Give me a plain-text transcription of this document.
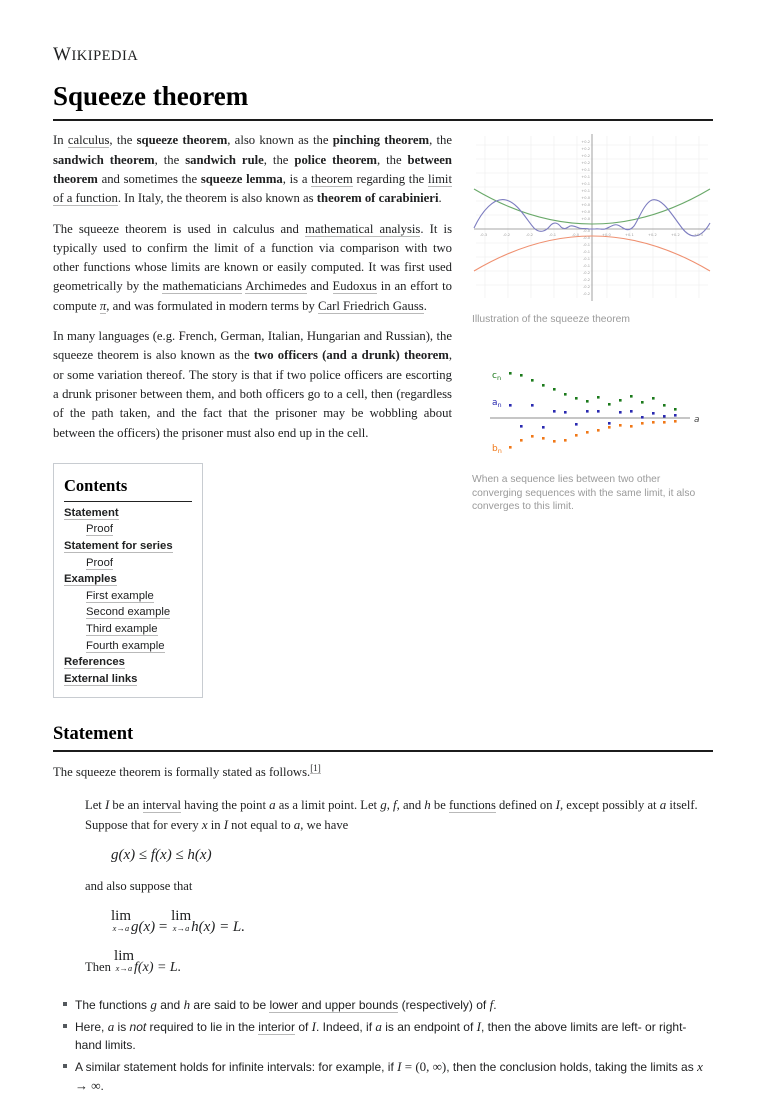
WIKIPEDIA
Squeeze theorem

In calculus, the squeeze theorem, also known as the pinching theorem, the sandwich theorem, the sandwich rule, the police theorem, the between theorem and sometimes the squeeze lemma, is a theorem regarding the limit of a function. In Italy, the theorem is also known as theorem of carabinieri.

The squeeze theorem is used in calculus and mathematical analysis. It is typically used to confirm the limit of a function via comparison with two other functions whose limits are known or easily computed. It was first used geometrically by the mathematicians Archimedes and Eudoxus in an effort to compute π, and was formulated in modern terms by Carl Friedrich Gauss.

In many languages (e.g. French, German, Italian, Hungarian and Russian), the squeeze theorem is also known as the two officers (and a drunk) theorem, or some variation thereof. The story is that if two police officers are escorting a drunk prisoner between them, and both officers go to a cell, then (regardless of the path taken, and the fact that the prisoner may be wobbling about between the officers) the prisoner must also end up in the cell.

Contents
Statement
Proof
Statement for series
Proof
Examples
First example
Second example
Third example
Fourth example
References
External links
-0.3	-0.2	-0.2	-0.1	-0.0	+0.0	+0.1	+0.2	+0.2	+0.3
+0.2
+0.2
+0.2
+0.2
+0.1
+0.1
+0.1
+0.1
+0.0
+0.0
+0.0
+0.0
-0.0
-0.0
-0.1
-0.1
-0.1
-0.1
-0.2
-0.2
-0.2
-0.2
Illustration of the squeeze theorem
a
$c_n$
$a_n$
$b_n$
When a sequence lies between two other converging sequences with the same limit, it also converges to this limit.
Statement

The squeeze theorem is formally stated as follows.[1]

Let I be an interval having the point a as a limit point. Let g, f, and h be functions defined on I, except possibly at a itself. Suppose that for every x in I not equal to a, we have

g(x) ≤ f(x) ≤ h(x)

and also suppose that

lim
x→a g(x) = lim
x→a h(x) = L.

Then lim
x→a f(x) = L.

The functions g and h are said to be lower and upper bounds (respectively) of f.
Here, a is not required to lie in the interior of I. Indeed, if a is an endpoint of I, then the above limits are left- or right-hand limits.
A similar statement holds for infinite intervals: for example, if I = (0, ∞), then the conclusion holds, taking the limits as x → ∞.
